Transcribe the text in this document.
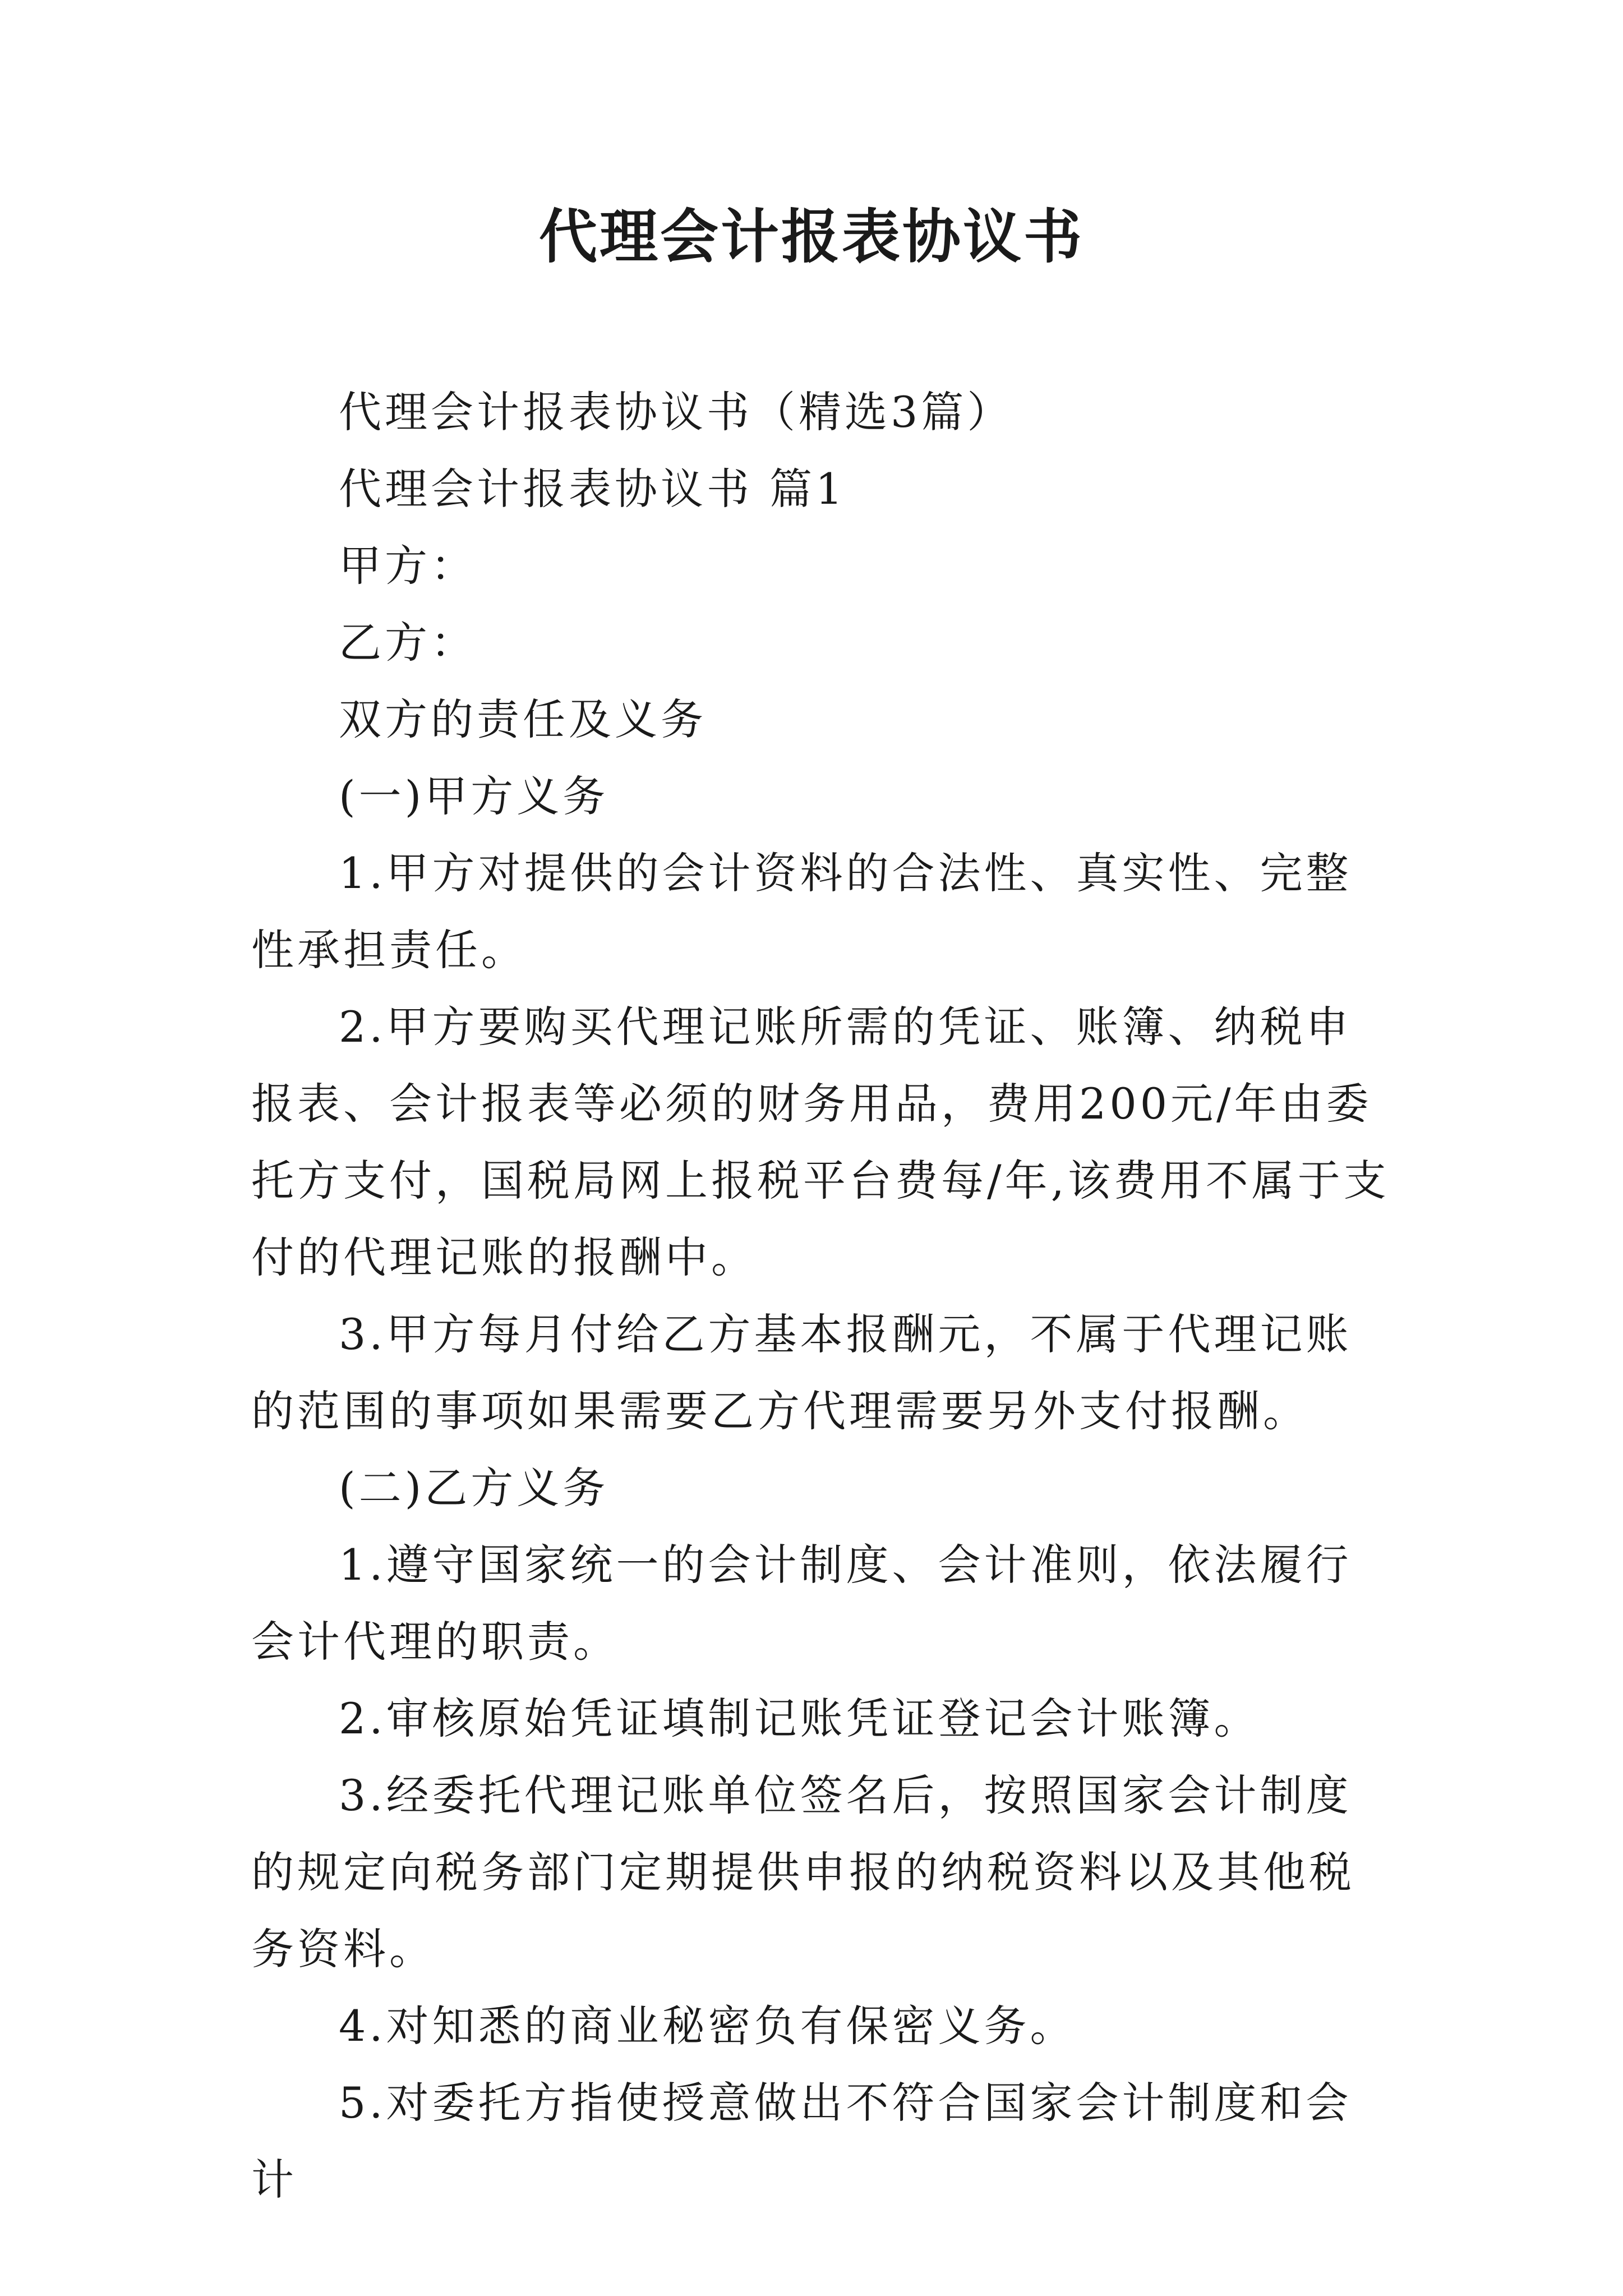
代理会计报表协议书

代理会计报表协议书（精选3篇）

代理会计报表协议书 篇1

甲方：

乙方：

双方的责任及义务

(一)甲方义务

1.甲方对提供的会计资料的合法性、真实性、完整性承担责任。

2.甲方要购买代理记账所需的凭证、账簿、纳税申报表、会计报表等必须的财务用品，费用200元/年由委托方支付，国税局网上报税平台费每/年,该费用不属于支付的代理记账的报酬中。

3.甲方每月付给乙方基本报酬元，不属于代理记账的范围的事项如果需要乙方代理需要另外支付报酬。

(二)乙方义务

1.遵守国家统一的会计制度、会计准则，依法履行会计代理的职责。

2.审核原始凭证填制记账凭证登记会计账簿。

3.经委托代理记账单位签名后，按照国家会计制度的规定向税务部门定期提供申报的纳税资料以及其他税务资料。

4.对知悉的商业秘密负有保密义务。

5.对委托方指使授意做出不符合国家会计制度和会计
